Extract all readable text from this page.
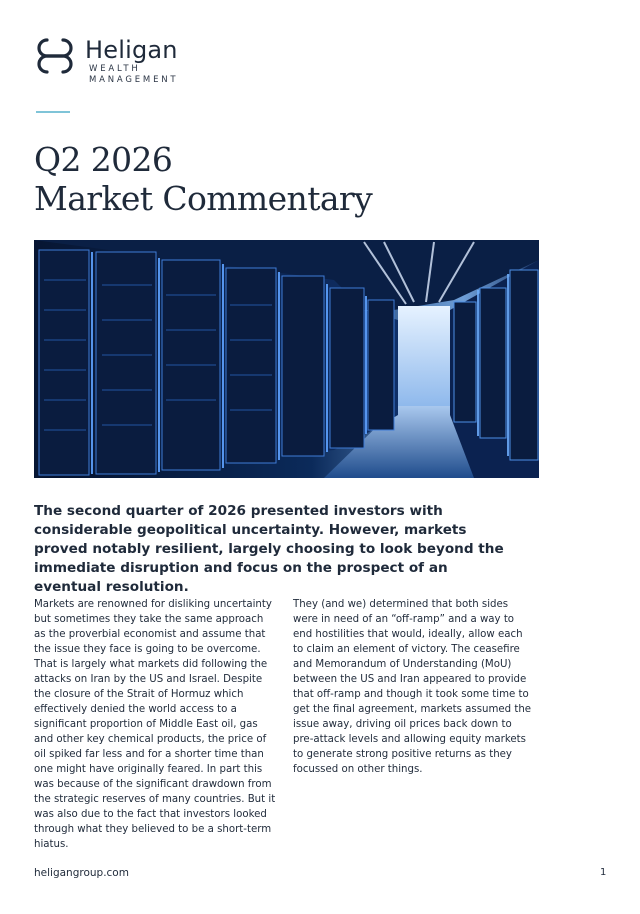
Heligan
WEALTH
MANAGEMENT
Q2 2026
Market Commentary
The second quarter of 2026 presented investors with considerable geopolitical uncertainty. However, markets proved notably resilient, largely choosing to look beyond the immediate disruption and focus on the prospect of an eventual resolution.
Markets are renowned for disliking uncertainty but sometimes they take the same approach as the proverbial economist and assume that the issue they face is going to be overcome. That is largely what markets did following the attacks on Iran by the US and Israel. Despite the closure of the Strait of Hormuz which effectively denied the world access to a significant proportion of Middle East oil, gas and other key chemical products, the price of oil spiked far less and for a shorter time than one might have originally feared. In part this was because of the significant drawdown from the strategic reserves of many countries. But it was also due to the fact that investors looked through what they believed to be a short-term hiatus.
They (and we) determined that both sides were in need of an “off-ramp” and a way to end hostilities that would, ideally, allow each to claim an element of victory. The ceasefire and Memorandum of Understanding (MoU) between the US and Iran appeared to provide that off-ramp and though it took some time to get the final agreement, markets assumed the issue away, driving oil prices back down to pre-attack levels and allowing equity markets to generate strong positive returns as they focussed on other things.
heligangroup.com	1
